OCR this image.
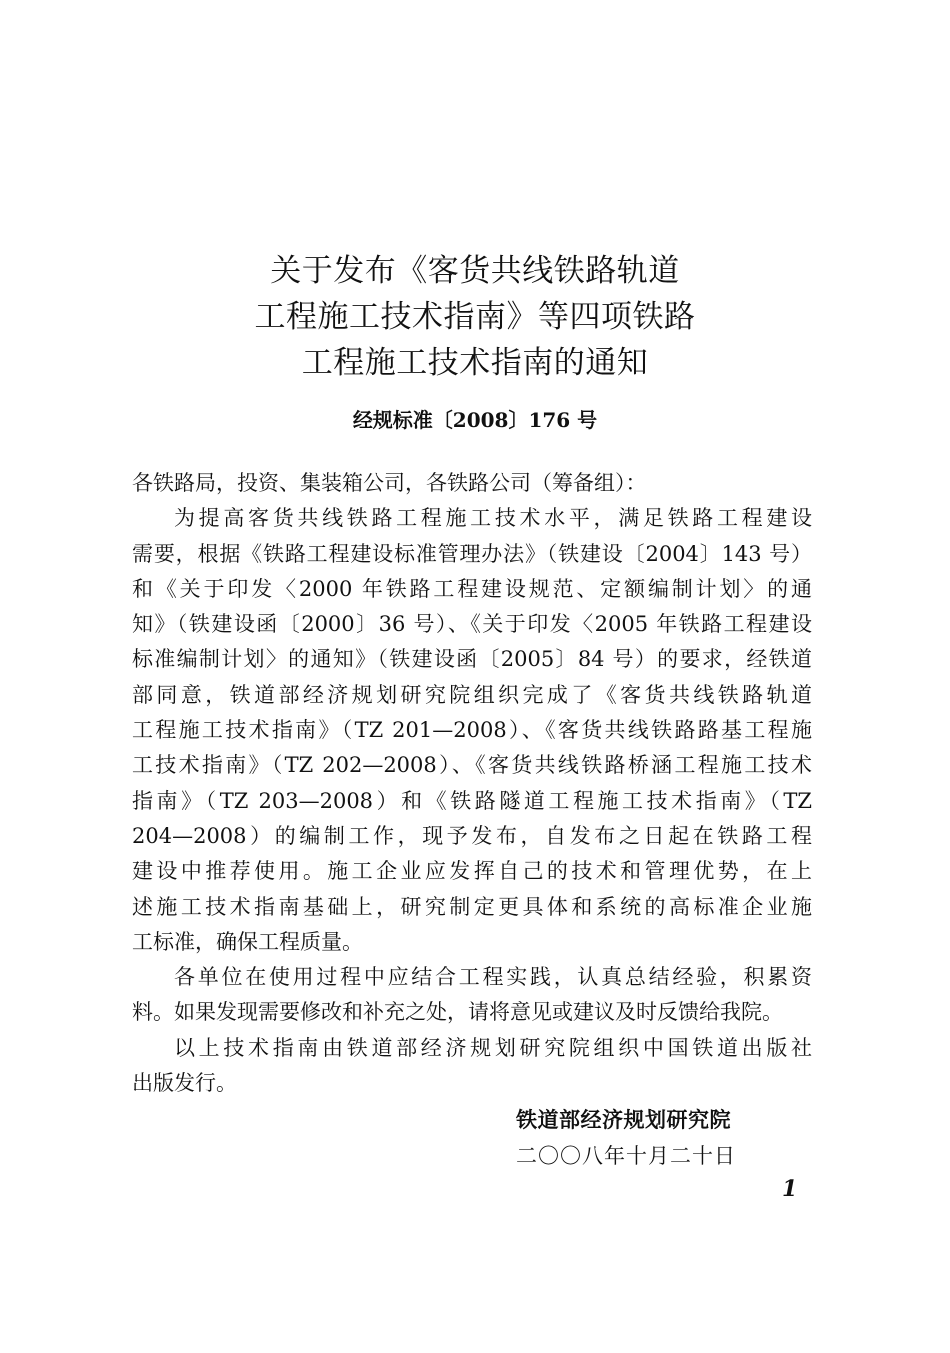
关于发布《客货共线铁路轨道
工程施工技术指南》等四项铁路
工程施工技术指南的通知
经规标准〔2008〕176 号
各铁路局，投资、集装箱公司，各铁路公司（筹备组）：
为提高客货共线铁路工程施工技术水平，满足铁路工程建设
需要，根据《铁路工程建设标准管理办法》（铁建设〔2004〕143 号）
和《关于印发〈2000 年铁路工程建设规范、定额编制计划〉的通
知》（铁建设函〔2000〕36 号）、《关于印发〈2005 年铁路工程建设
标准编制计划〉的通知》（铁建设函〔2005〕84 号）的要求，经铁道
部同意，铁道部经济规划研究院组织完成了《客货共线铁路轨道
工程施工技术指南》（TZ 201—2008）、《客货共线铁路路基工程施
工技术指南》（TZ 202—2008）、《客货共线铁路桥涵工程施工技术
指南》（TZ 203—2008）和《铁路隧道工程施工技术指南》（TZ
204—2008）的编制工作，现予发布，自发布之日起在铁路工程
建设中推荐使用。施工企业应发挥自己的技术和管理优势，在上
述施工技术指南基础上，研究制定更具体和系统的高标准企业施
工标准，确保工程质量。
各单位在使用过程中应结合工程实践，认真总结经验，积累资
料。如果发现需要修改和补充之处，请将意见或建议及时反馈给我院。
以上技术指南由铁道部经济规划研究院组织中国铁道出版社
出版发行。
铁道部经济规划研究院
二〇〇八年十月二十日
1
